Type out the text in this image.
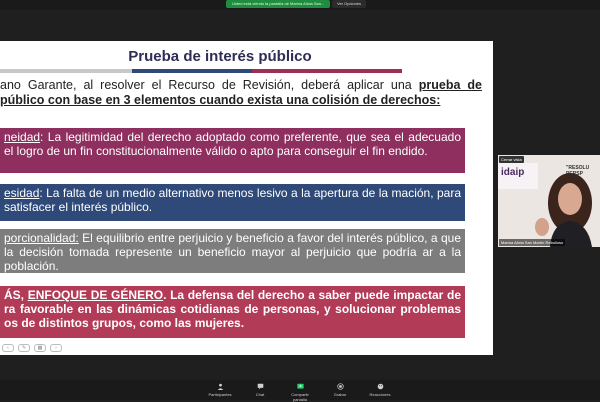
Usted está viendo la pantalla de Marina Alicia San...	Ver Opciones
Prueba de interés público

ano Garante, al resolver el Recurso de Revisión, deberá aplicar una prueba de público con base en 3 elementos cuando exista una colisión de derechos:

neidad: La legitimidad del derecho adoptado como preferente, que sea el adecuado el logro de un fin constitucionalmente válido o apto para conseguir el fin endido.
esidad: La falta de un medio alternativo menos lesivo a la apertura de la mación, para satisfacer el interés público.
porcionalidad: El equilibrio entre perjuicio y beneficio a favor del interés público, a que la decisión tomada represente un beneficio mayor al perjuicio que podría ar a la población.
ÁS, ENFOQUE DE GÉNERO. La defensa del derecho a saber puede impactar de ra favorable en las dinámicas cotidianas de personas, y solucionar problemas os de distintos grupos, como las mujeres.
‹	✎	▦	›
Cerrar vista
idaip	"RESOLU PERSP
Marina Alicia San Martín Rebolloso
Participantes	Chat	Compartir pantalla
Grabar	Reacciones
